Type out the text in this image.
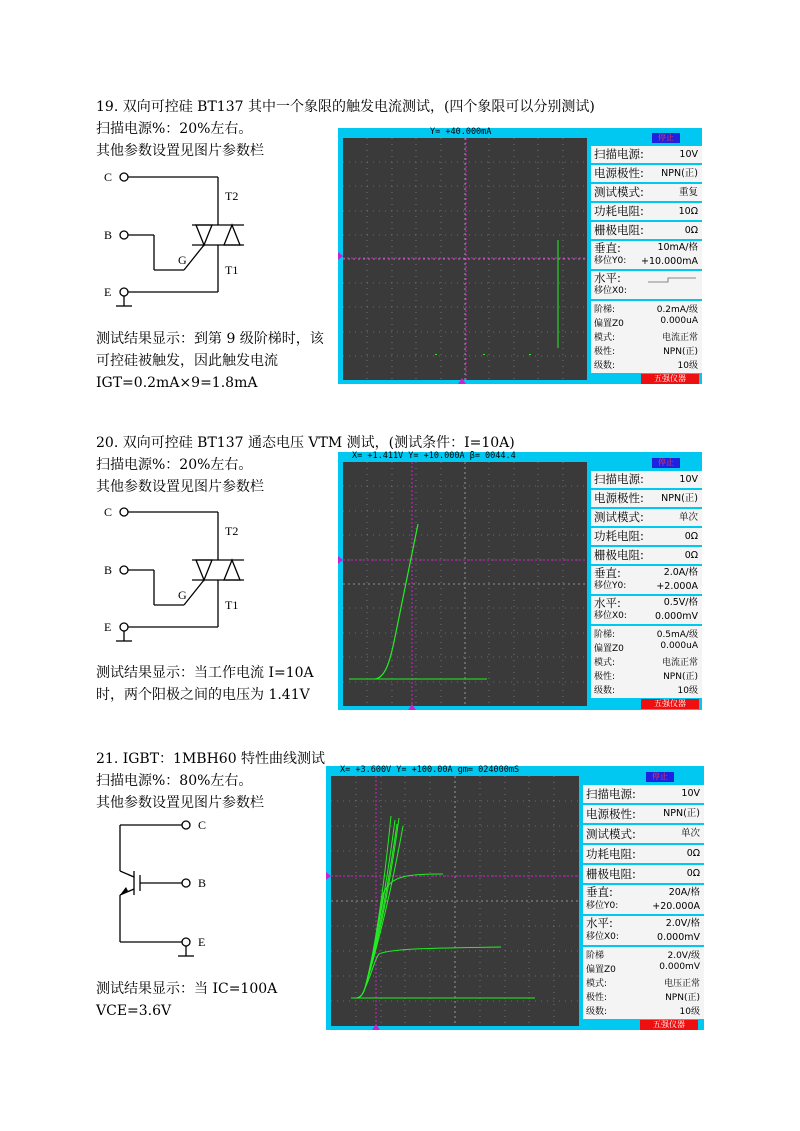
19. 双向可控硅 BT137 其中一个象限的触发电流测试，(四个象限可以分别测试)
扫描电源%：20%左右。
其他参数设置见图片参数栏
C
B
E
T2
T1
G
测试结果显示：到第 9 级阶梯时，该
可控硅被触发，因此触发电流
IGT=0.2mA×9=1.8mA
Y= +40.000mA
停止
扫描电源:	10V
电源极性: NPN(正)
测试模式:	重复
功耗电阻:	10Ω
栅极电阻:	0Ω
垂直:	10mA/格
移位Y0: +10.000mA
水平:
移位X0:
阶梯:	0.2mA/级
偏置Z0	0.000uA
模式:	电流正常
极性:	NPN(正)
级数:	10级
五强仪器
20. 双向可控硅 BT137 通态电压 VTM 测试，(测试条件：I=10A)
扫描电源%：20%左右。
其他参数设置见图片参数栏
C
B
E
T2
T1
G
测试结果显示：当工作电流 I=10A
时，两个阳极之间的电压为 1.41V
X= +1.411V Y= +10.000A β= 0044.4
停止
扫描电源:	10V
电源极性: NPN(正)
测试模式:	单次
功耗电阻:	0Ω
栅极电阻:	0Ω
垂直:	2.0A/格
移位Y0:	+2.000A
水平:	0.5V/格
移位X0:	0.000mV
阶梯:	0.5mA/级
偏置Z0	0.000uA
模式:	电流正常
极性:	NPN(正)
级数:	10级
五强仪器
21. IGBT：1MBH60 特性曲线测试
扫描电源%：80%左右。
其他参数设置见图片参数栏
C
B
E
测试结果显示：当 IC=100A
VCE=3.6V
X= +3.600V Y= +100.00A gm= 024000mS
停止
扫描电源:	10V
电源极性:	NPN(正)
测试模式:	单次
功耗电阻:	0Ω
栅极电阻:	0Ω
垂直:	20A/格
移位Y0:	+20.000A
水平:	2.0V/格
移位X0:	0.000mV
阶梯	2.0V/级
偏置Z0	0.000mV
模式:	电压正常
极性:	NPN(正)
级数:	10级
五强仪器
